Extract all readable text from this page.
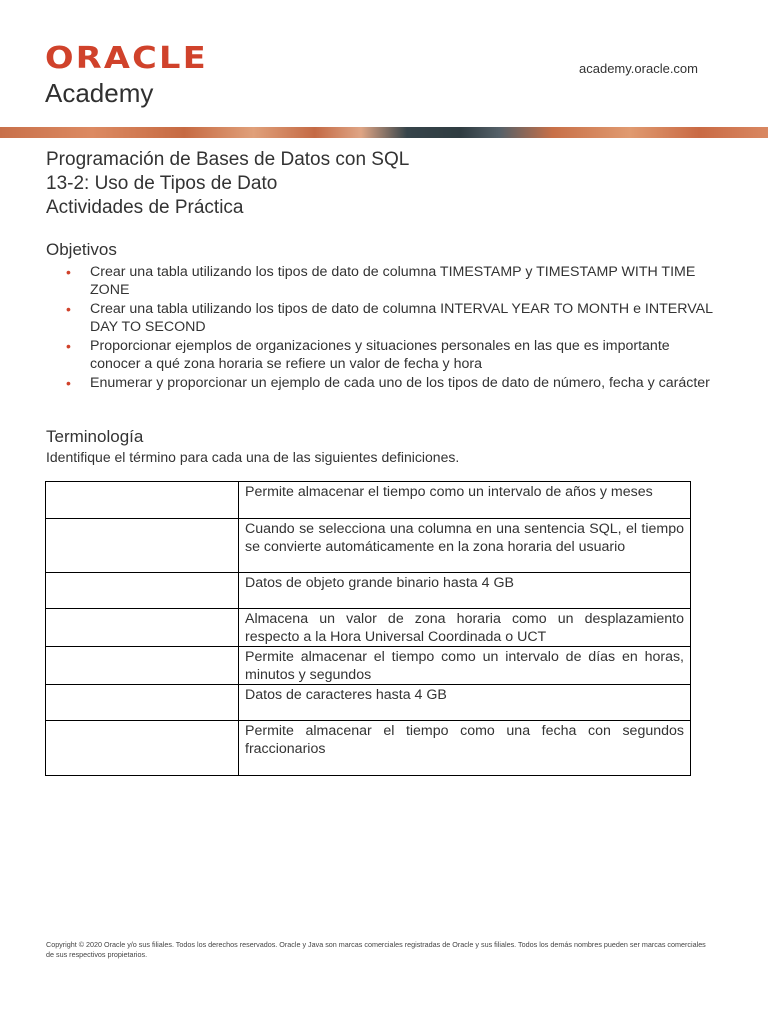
ORACLE
Academy
academy.oracle.com
Programación de Bases de Datos con SQL
13-2: Uso de Tipos de Dato
Actividades de Práctica
Objetivos
• Crear una tabla utilizando los tipos de dato de columna TIMESTAMP y TIMESTAMP WITH TIME ZONE
• Crear una tabla utilizando los tipos de dato de columna INTERVAL YEAR TO MONTH e INTERVAL DAY TO SECOND
• Proporcionar ejemplos de organizaciones y situaciones personales en las que es importante conocer a qué zona horaria se refiere un valor de fecha y hora
• Enumerar y proporcionar un ejemplo de cada uno de los tipos de dato de número, fecha y carácter
Terminología
Identifique el término para cada una de las siguientes definiciones.
	Permite almacenar el tiempo como un intervalo de años y meses
	Cuando se selecciona una columna en una sentencia SQL, el tiempo se convierte automáticamente en la zona horaria del usuario
	Datos de objeto grande binario hasta 4 GB
	Almacena un valor de zona horaria como un desplazamiento respecto a la Hora Universal Coordinada o UCT
	Permite almacenar el tiempo como un intervalo de días en horas, minutos y segundos
	Datos de caracteres hasta 4 GB
	Permite almacenar el tiempo como una fecha con segundos fraccionarios
Copyright © 2020 Oracle y/o sus filiales. Todos los derechos reservados. Oracle y Java son marcas comerciales registradas de Oracle y sus filiales. Todos los demás nombres pueden ser marcas comerciales de sus respectivos propietarios.
